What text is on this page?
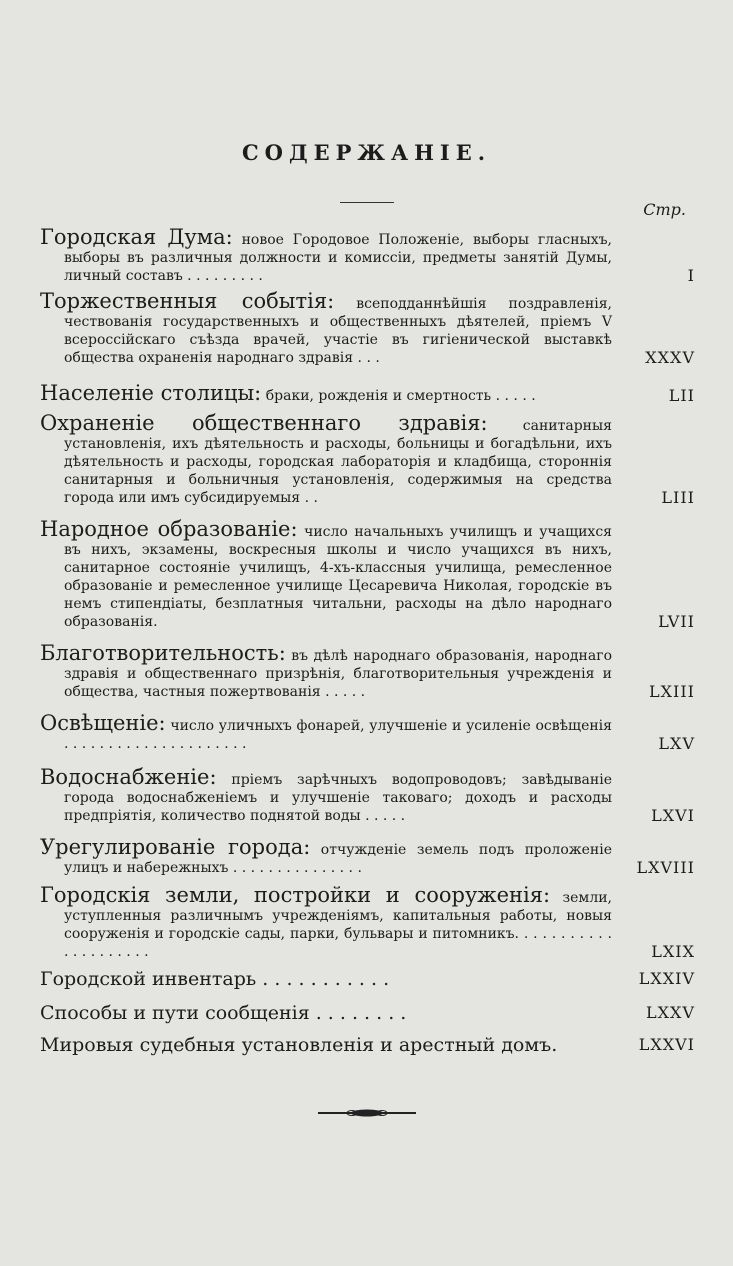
СОДЕРЖАНІЕ.
Стр.
Городская Дума: новое Городовое Положеніе, выборы гласныхъ, выборы въ различныя должности и комиссіи, предметы занятій Думы, личный составъ . . . . . . . . .	I
Торжественныя событія: всеподданнѣйшія поздравленія, чествованія государственныхъ и общественныхъ дѣятелей, пріемъ V всероссійскаго съѣзда врачей, участіе въ гигіенической выставкѣ общества охраненія народнаго здравія . . .	XXXV
Населеніе столицы: браки, рожденія и смертность . . . . .	LII
Охраненіе общественнаго здравія: санитарныя установленія, ихъ дѣятельность и расходы, больницы и богадѣльни, ихъ дѣятельность и расходы, городская лабораторія и кладбища, стороннія санитарныя и больничныя установленія, содержимыя на средства города или имъ субсидируемыя . .	LIII
Народное образованіе: число начальныхъ училищъ и учащихся въ нихъ, экзамены, воскресныя школы и число учащихся въ нихъ, санитарное состояніе училищъ, 4-хъ-классныя училища, ремесленное образованіе и ремесленное училище Цесаревича Николая, городскіе въ немъ стипендіаты, безплатныя читальни, расходы на дѣло народнаго образованія.	LVII
Благотворительность: въ дѣлѣ народнаго образованія, народнаго здравія и общественнаго призрѣнія, благотворительныя учрежденія и общества, частныя пожертвованія . . . . .	LXIII
Освѣщеніе: число уличныхъ фонарей, улучшеніе и усиленіе освѣщенія . . . . . . . . . . . . . . . . . . . . .	LXV
Водоснабженіе: пріемъ зарѣчныхъ водопроводовъ; завѣдываніе города водоснабженіемъ и улучшеніе таковаго; доходъ и расходы предпріятія, количество поднятой воды . . . . .	LXVI
Урегулированіе города: отчужденіе земель подъ проложеніе улицъ и набережныхъ . . . . . . . . . . . . . . .	LXVIII
Городскія земли, постройки и сооруженія: земли, уступленныя различнымъ учрежденіямъ, капитальныя работы, новыя сооруженія и городскіе сады, парки, бульвары и питомникъ. . . . . . . . . . . . . . . . . . . . .	LXIX
Городской инвентарь . . . . . . . . . . .	LXXIV
Способы и пути сообщенія . . . . . . . .	LXXV
Мировыя судебныя установленія и арестный домъ.	LXXVI
